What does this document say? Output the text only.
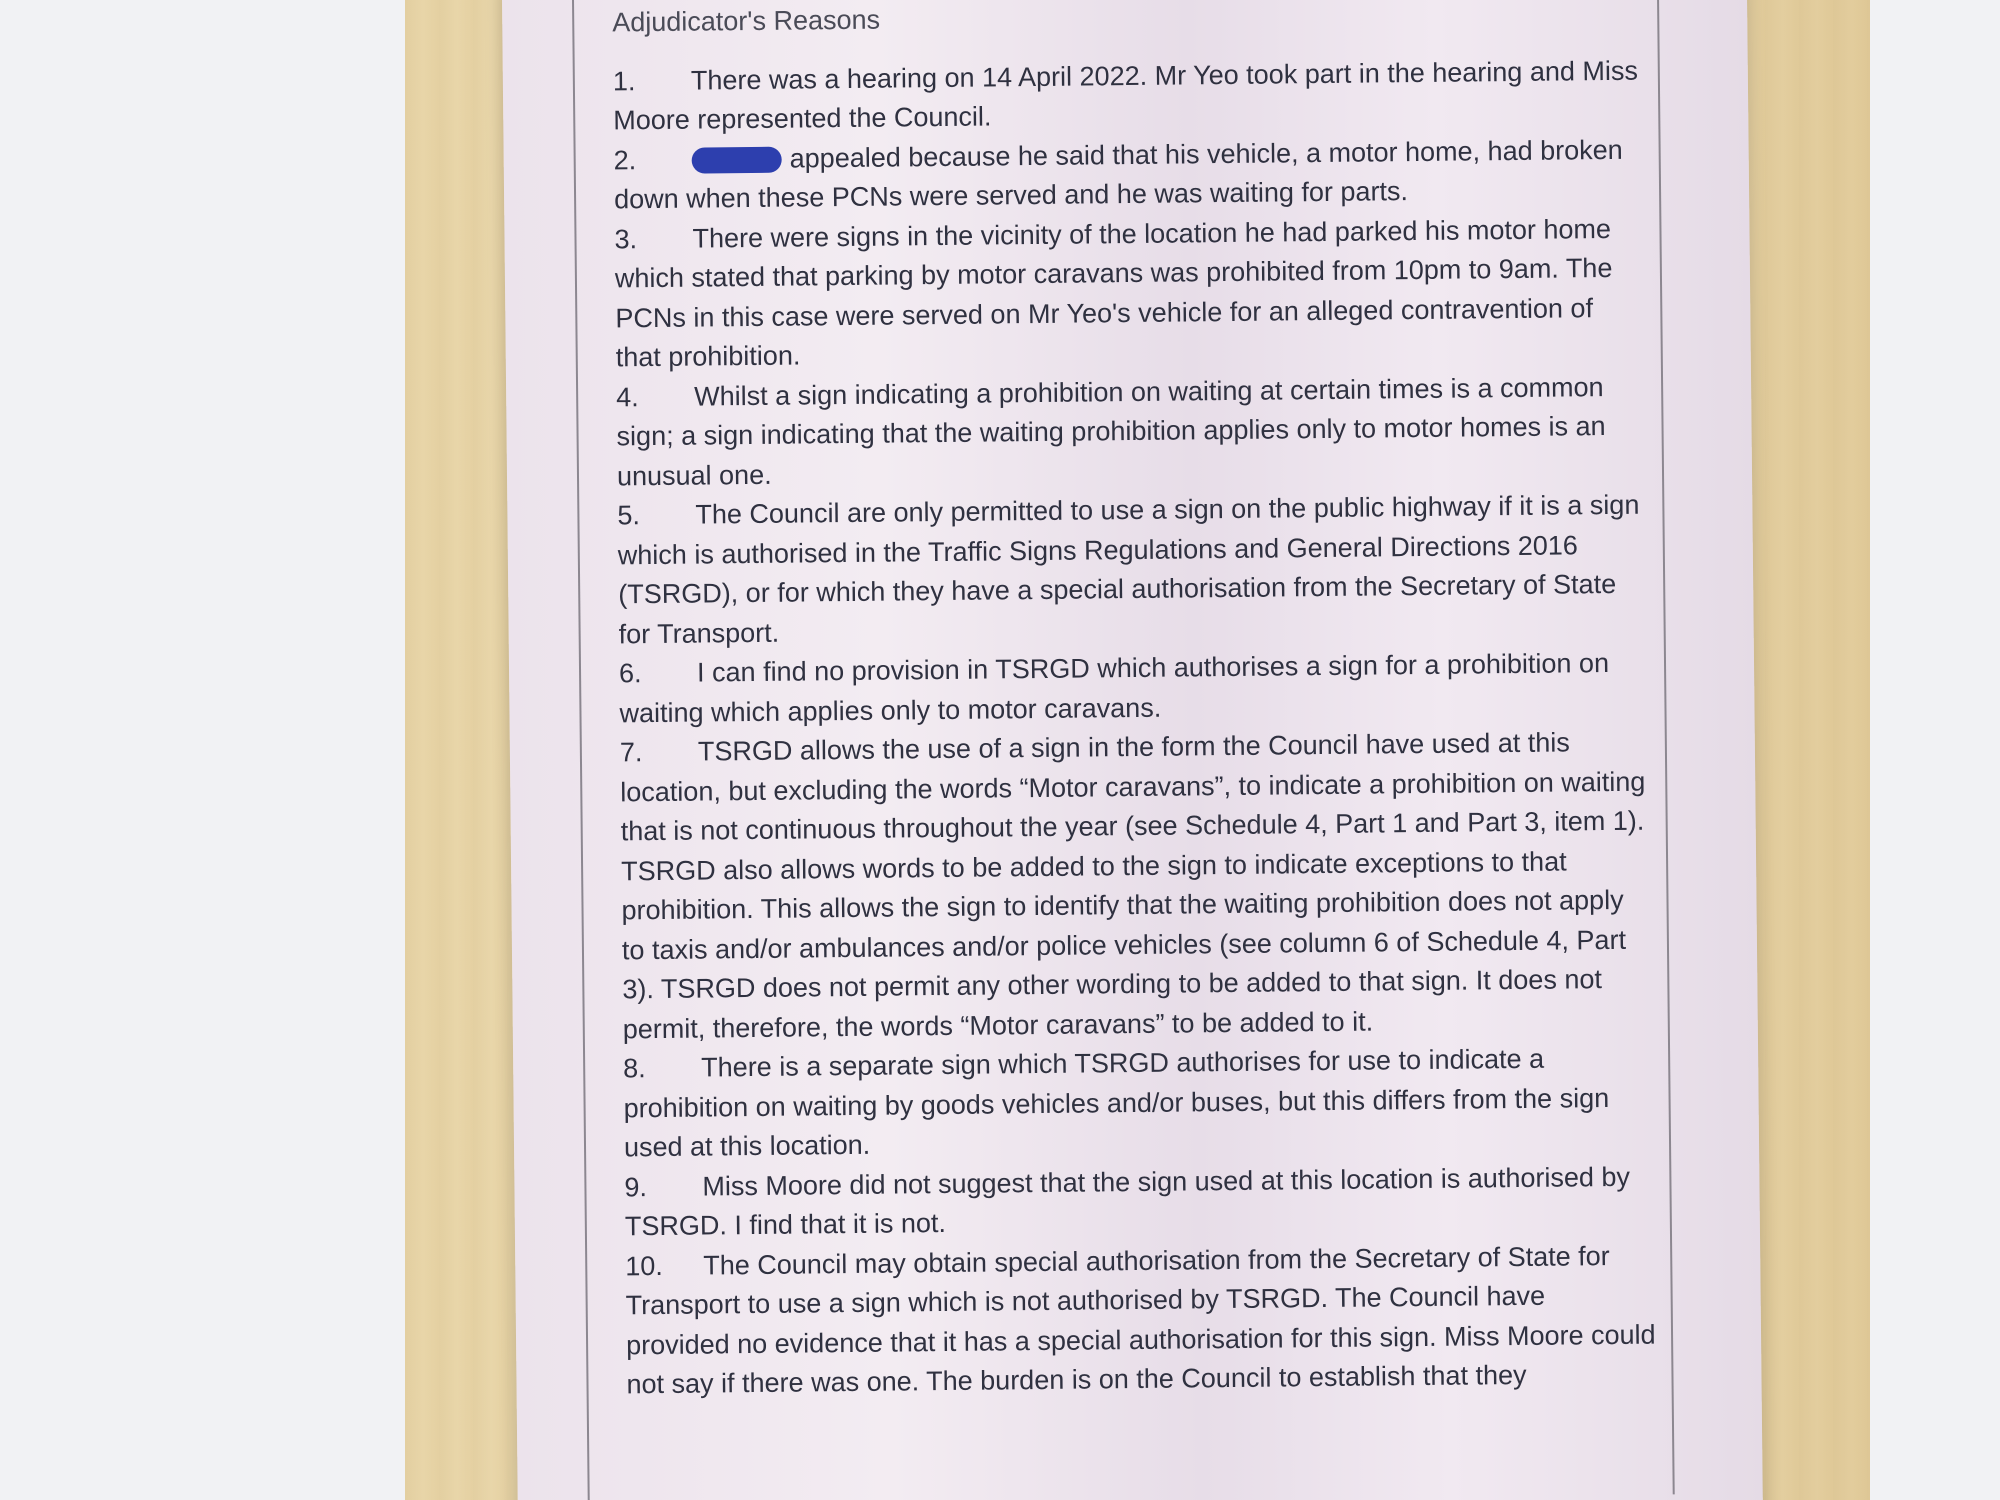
Adjudicator's Reasons

1. There was a hearing on 14 April 2022. Mr Yeo took part in the hearing and Miss Moore represented the Council.

2.	appealed because he said that his vehicle, a motor home, had broken down when these PCNs were served and he was waiting for parts.

3. There were signs in the vicinity of the location he had parked his motor home which stated that parking by motor caravans was prohibited from 10pm to 9am. The PCNs in this case were served on Mr Yeo's vehicle for an alleged contravention of that prohibition.

4. Whilst a sign indicating a prohibition on waiting at certain times is a common sign; a sign indicating that the waiting prohibition applies only to motor homes is an unusual one.

5. The Council are only permitted to use a sign on the public highway if it is a sign which is authorised in the Traffic Signs Regulations and General Directions 2016 (TSRGD), or for which they have a special authorisation from the Secretary of State for Transport.

6. I can find no provision in TSRGD which authorises a sign for a prohibition on waiting which applies only to motor caravans.

7. TSRGD allows the use of a sign in the form the Council have used at this location, but excluding the words “Motor caravans”, to indicate a prohibition on waiting that is not continuous throughout the year (see Schedule 4, Part 1 and Part 3, item 1). TSRGD also allows words to be added to the sign to indicate exceptions to that prohibition. This allows the sign to identify that the waiting prohibition does not apply to taxis and/or ambulances and/or police vehicles (see column 6 of Schedule 4, Part 3). TSRGD does not permit any other wording to be added to that sign. It does not permit, therefore, the words “Motor caravans” to be added to it.

8. There is a separate sign which TSRGD authorises for use to indicate a prohibition on waiting by goods vehicles and/or buses, but this differs from the sign used at this location.

9. Miss Moore did not suggest that the sign used at this location is authorised by TSRGD. I find that it is not.

10. The Council may obtain special authorisation from the Secretary of State for Transport to use a sign which is not authorised by TSRGD. The Council have provided no evidence that it has a special authorisation for this sign. Miss Moore could not say if there was one. The burden is on the Council to establish that they
